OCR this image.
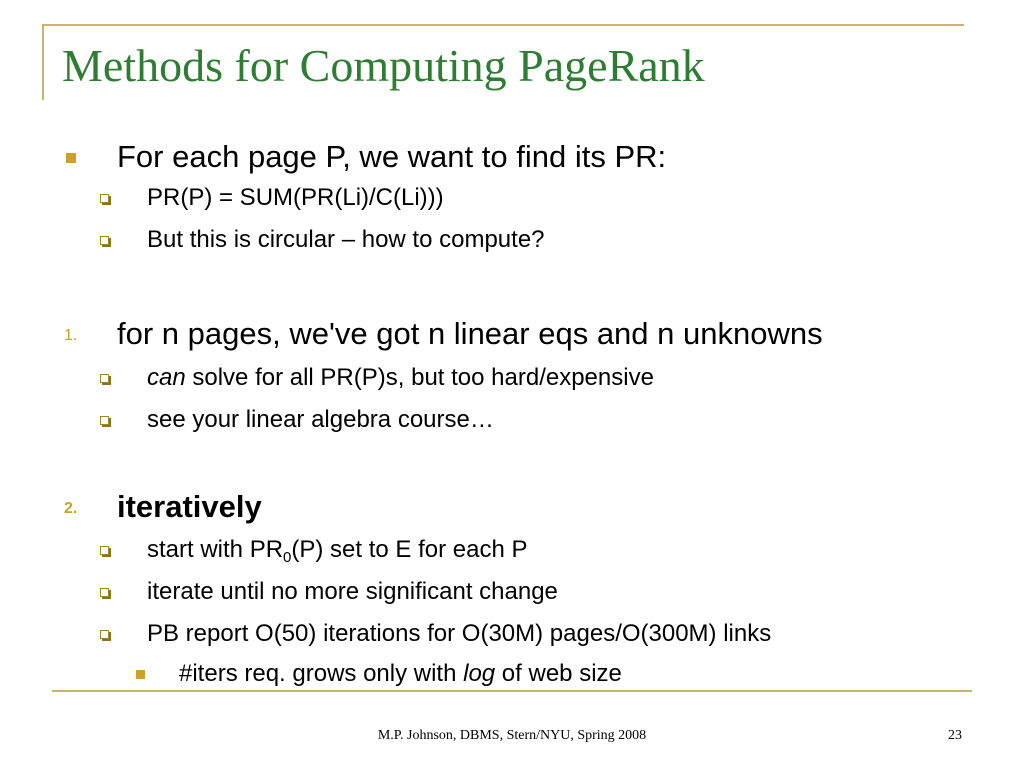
Methods for Computing PageRank
For each page P, we want to find its PR:
PR(P) = SUM(PR(Li)/C(Li)))
But this is circular – how to compute?
1. for n pages, we've got n linear eqs and n unknowns
can solve for all PR(P)s, but too hard/expensive
see your linear algebra course…
2. iteratively
start with $PR_0(P)$ set to E for each P
iterate until no more significant change
PB report O(50) iterations for O(30M) pages/O(300M) links
#iters req. grows only with log of web size
M.P. Johnson, DBMS, Stern/NYU, Spring 2008	23
